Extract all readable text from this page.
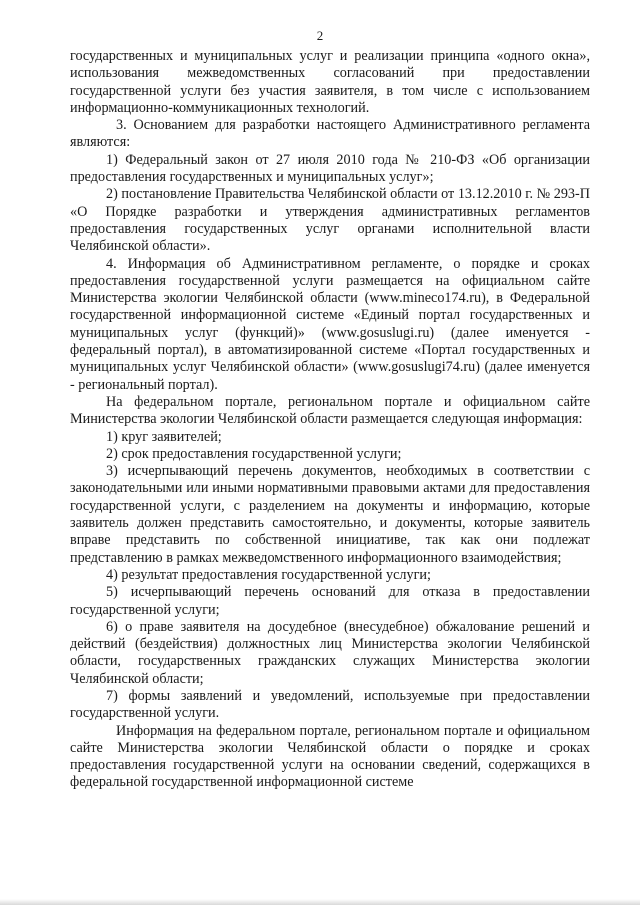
2

государственных и муниципальных услуг и реализации принципа «одного окна», использования межведомственных согласований при предоставлении государственной услуги без участия заявителя, в том числе с использованием информационно-коммуникационных технологий.

3. Основанием для разработки настоящего Административного регламента являются:

1) Федеральный закон от 27 июля 2010 года № 210-ФЗ «Об организации предоставления государственных и муниципальных услуг»;

2) постановление Правительства Челябинской области от 13.12.2010 г. № 293-П «О Порядке разработки и утверждения административных регламентов предоставления государственных услуг органами исполнительной власти Челябинской области».

4. Информация об Административном регламенте, о порядке и сроках предоставления государственной услуги размещается на официальном сайте Министерства экологии Челябинской области (www.mineco174.ru), в Федеральной государственной информационной системе «Единый портал государственных и муниципальных услуг (функций)» (www.gosuslugi.ru) (далее именуется - федеральный портал), в автоматизированной системе «Портал государственных и муниципальных услуг Челябинской области» (www.gosuslugi74.ru) (далее именуется - региональный портал).

На федеральном портале, региональном портале и официальном сайте Министерства экологии Челябинской области размещается следующая информация:

1) круг заявителей;

2) срок предоставления государственной услуги;

3) исчерпывающий перечень документов, необходимых в соответствии с законодательными или иными нормативными правовыми актами для предоставления государственной услуги, с разделением на документы и информацию, которые заявитель должен представить самостоятельно, и документы, которые заявитель вправе представить по собственной инициативе, так как они подлежат представлению в рамках межведомственного информационного взаимодействия;

4) результат предоставления государственной услуги;

5) исчерпывающий перечень оснований для отказа в предоставлении государственной услуги;

6) о праве заявителя на досудебное (внесудебное) обжалование решений и действий (бездействия) должностных лиц Министерства экологии Челябинской области, государственных гражданских служащих Министерства экологии Челябинской области;

7) формы заявлений и уведомлений, используемые при предоставлении государственной услуги.

Информация на федеральном портале, региональном портале и официальном сайте Министерства экологии Челябинской области о порядке и сроках предоставления государственной услуги на основании сведений, содержащихся в федеральной государственной информационной системе
